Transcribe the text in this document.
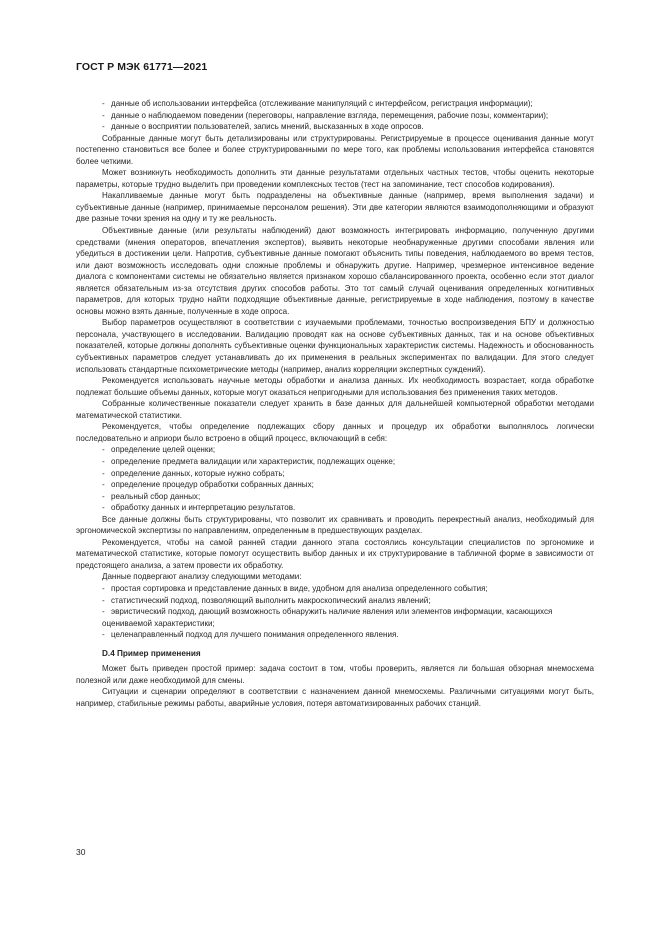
ГОСТ Р МЭК 61771—2021

- данные об использовании интерфейса (отслеживание манипуляций с интерфейсом, регистрация информации);

- данные о наблюдаемом поведении (переговоры, направление взгляда, перемещения, рабочие позы, комментарии);

- данные о восприятии пользователей, запись мнений, высказанных в ходе опросов.

Собранные данные могут быть детализированы или структурированы. Регистрируемые в процессе оценивания данные могут постепенно становиться все более и более структурированными по мере того, как проблемы использования интерфейса становятся более четкими.

Может возникнуть необходимость дополнить эти данные результатами отдельных частных тестов, чтобы оценить некоторые параметры, которые трудно выделить при проведении комплексных тестов (тест на запоминание, тест способов кодирования).

Накапливаемые данные могут быть подразделены на объективные данные (например, время выполнения задачи) и субъективные данные (например, принимаемые персоналом решения). Эти две категории являются взаимодополняющими и образуют две разные точки зрения на одну и ту же реальность.

Объективные данные (или результаты наблюдений) дают возможность интегрировать информацию, полученную другими средствами (мнения операторов, впечатления экспертов), выявить некоторые необнаруженные другими способами явления или убедиться в достижении цели. Напротив, субъективные данные помогают объяснить типы поведения, наблюдаемого во время тестов, или дают возможность исследовать одни сложные проблемы и обнаружить другие. Например, чрезмерное интенсивное ведение диалога с компонентами системы не обязательно является признаком хорошо сбалансированного проекта, особенно если этот диалог является обязательным из-за отсутствия других способов работы. Это тот самый случай оценивания определенных когнитивных параметров, для которых трудно найти подходящие объективные данные, регистрируемые в ходе наблюдения, поэтому в качестве основы можно взять данные, полученные в ходе опроса.

Выбор параметров осуществляют в соответствии с изучаемыми проблемами, точностью воспроизведения БПУ и должностью персонала, участвующего в исследовании. Валидацию проводят как на основе субъективных данных, так и на основе объективных показателей, которые должны дополнять субъективные оценки функциональных характеристик системы. Надежность и обоснованность субъективных параметров следует устанавливать до их применения в реальных экспериментах по валидации. Для этого следует использовать стандартные психометрические методы (например, анализ корреляции экспертных суждений).

Рекомендуется использовать научные методы обработки и анализа данных. Их необходимость возрастает, когда обработке подлежат большие объемы данных, которые могут оказаться непригодными для использования без применения таких методов.

Собранные количественные показатели следует хранить в базе данных для дальнейшей компьютерной обработки методами математической статистики.

Рекомендуется, чтобы определение подлежащих сбору данных и процедур их обработки выполнялось логически последовательно и априори было встроено в общий процесс, включающий в себя:

- определение целей оценки;

- определение предмета валидации или характеристик, подлежащих оценке;

- определение данных, которые нужно собрать;

- определение процедур обработки собранных данных;

- реальный сбор данных;

- обработку данных и интерпретацию результатов.

Все данные должны быть структурированы, что позволит их сравнивать и проводить перекрестный анализ, необходимый для эргономической экспертизы по направлениям, определенным в предшествующих разделах.

Рекомендуется, чтобы на самой ранней стадии данного этапа состоялись консультации специалистов по эргономике и математической статистике, которые помогут осуществить выбор данных и их структурирование в табличной форме в зависимости от предстоящего анализа, а затем провести их обработку.

Данные подвергают анализу следующими методами:

- простая сортировка и представление данных в виде, удобном для анализа определенного события;

- статистический подход, позволяющий выполнить макроскопический анализ явлений;

- эвристический подход, дающий возможность обнаружить наличие явления или элементов информации, касающихся оцениваемой характеристики;

- целенаправленный подход для лучшего понимания определенного явления.

D.4 Пример применения

Может быть приведен простой пример: задача состоит в том, чтобы проверить, является ли большая обзорная мнемосхема полезной или даже необходимой для смены.

Ситуации и сценарии определяют в соответствии с назначением данной мнемосхемы. Различными ситуациями могут быть, например, стабильные режимы работы, аварийные условия, потеря автоматизированных рабочих станций.

30
